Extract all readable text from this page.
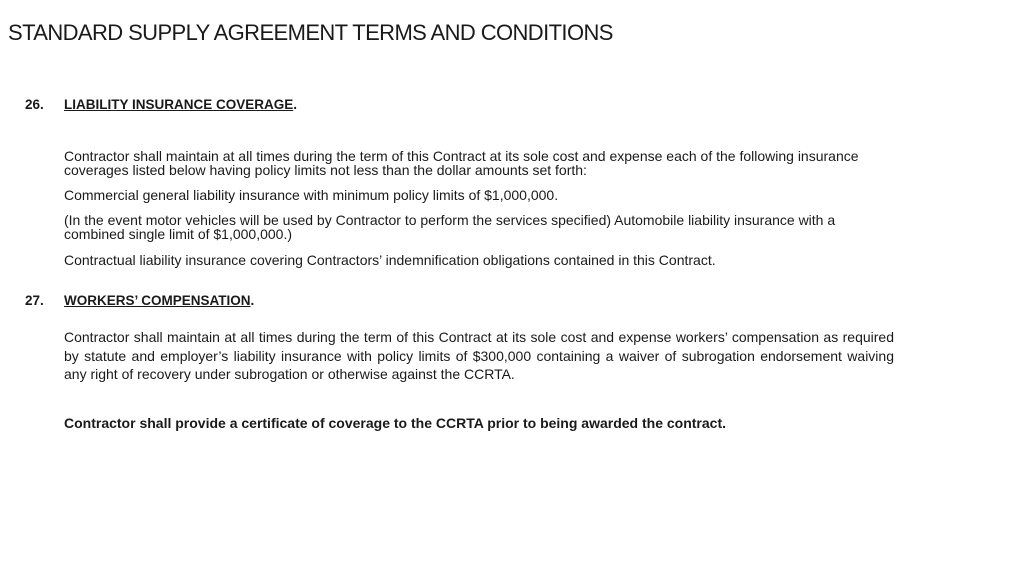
STANDARD SUPPLY AGREEMENT TERMS AND CONDITIONS
26.	LIABILITY INSURANCE COVERAGE .

Contractor shall maintain at all times during the term of this Contract at its sole cost and expense each of the following insurance coverages listed below having policy limits not less than the dollar amounts set forth:

Commercial general liability insurance with minimum policy limits of $1,000,000.

(In the event motor vehicles will be used by Contractor to perform the services specified) Automobile liability insurance with a combined single limit of $1,000,000.)

Contractual liability insurance covering Contractors’ indemnification obligations contained in this Contract.

27.	WORKERS’ COMPENSATION .

Contractor shall maintain at all times during the term of this Contract at its sole cost and expense workers’ compensation as required by statute and employer’s liability insurance with policy limits of $300,000 containing a waiver of subrogation endorsement waiving any right of recovery under subrogation or otherwise against the CCRTA.

Contractor shall provide a certificate of coverage to the CCRTA prior to being awarded the contract.
